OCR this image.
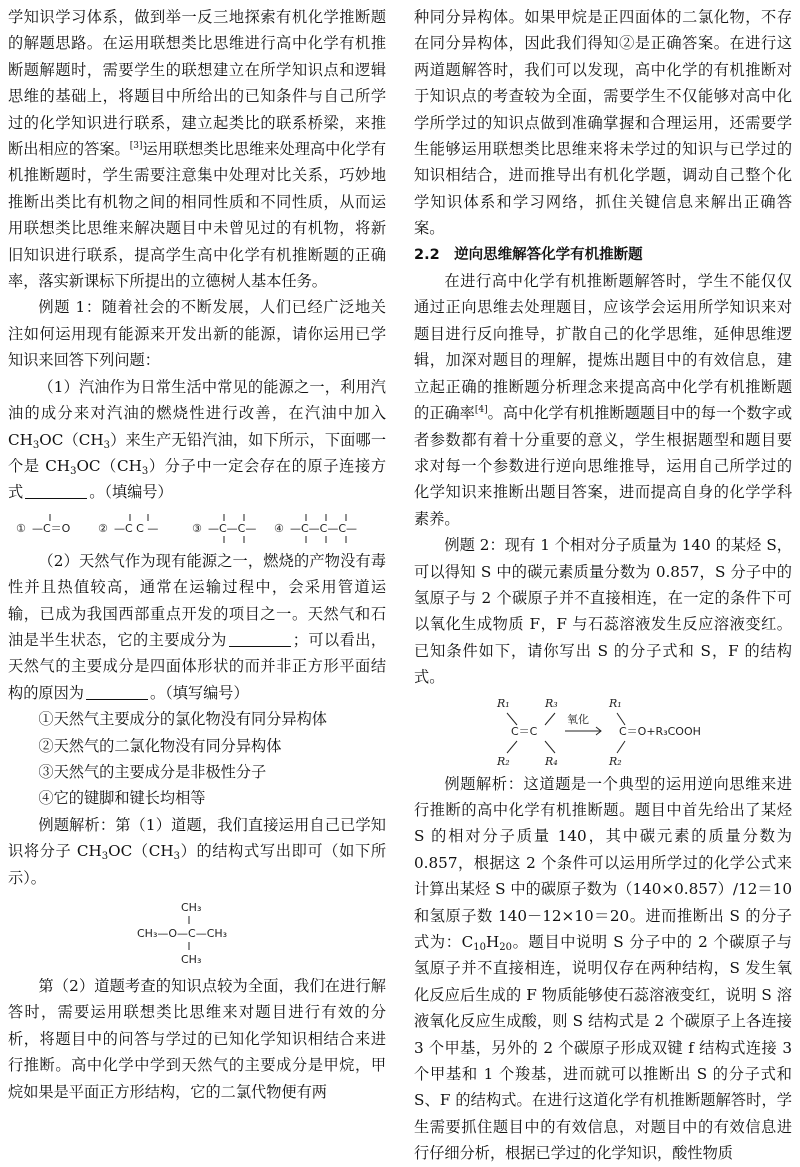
学知识学习体系，做到举一反三地探索有机化学推断题的解题思路。在运用联想类比思维进行高中化学有机推断题解题时，需要学生的联想建立在所学知识点和逻辑思维的基础上，将题目中所给出的已知条件与自己所学过的化学知识进行联系，建立起类比的联系桥梁，来推断出相应的答案。[3]运用联想类比思维来处理高中化学有机推断题时，学生需要注意集中处理对比关系，巧妙地推断出类比有机物之间的相同性质和不同性质，从而运用联想类比思维来解决题目中未曾见过的有机物，将新旧知识进行联系，提高学生高中化学有机推断题的正确率，落实新课标下所提出的立德树人基本任务。

例题 1：随着社会的不断发展，人们已经广泛地关注如何运用现有能源来开发出新的能源，请你运用已学知识来回答下列问题：

（1）汽油作为日常生活中常见的能源之一，利用汽油的成分来对汽油的燃烧性进行改善，在汽油中加入 $CH_3OC(CH_3)$来生产无铅汽油，如下所示，下面哪一个是 $CH_3OC(CH_3)$分子中一定会存在的原子连接方式	。（填编号）

① —C＝O	② —C C —	③ —C—C— ④ —C—C—C—

（2）天然气作为现有能源之一，燃烧的产物没有毒性并且热值较高，通常在运输过程中，会采用管道运输，已成为我国西部重点开发的项目之一。天然气和石油是半生状态，它的主要成分为	；可以看出，天然气的主要成分是四面体形状的而并非正方形平面结构的原因为	。（填写编号）

①天然气主要成分的氯化物没有同分异构体

②天然气的二氯化物没有同分异构体

③天然气的主要成分是非极性分子

④它的键脚和键长均相等

例题解析：第（1）道题，我们直接运用自己已学知识将分子 $CH_3OC(CH_3)$的结构式写出即可（如下所示）。

CH₃
CH₃—O—C—CH₃
CH₃

第（2）道题考查的知识点较为全面，我们在进行解答时，需要运用联想类比思维来对题目进行有效的分析，将题目中的问答与学过的已知化学知识相结合来进行推断。高中化学中学到天然气的主要成分是甲烷，甲烷如果是平面正方形结构，它的二氯代物便有两

种同分异构体。如果甲烷是正四面体的二氯化物，不存在同分异构体，因此我们得知②是正确答案。在进行这两道题解答时，我们可以发现，高中化学的有机推断对于知识点的考查较为全面，需要学生不仅能够对高中化学所学过的知识点做到准确掌握和合理运用，还需要学生能够运用联想类比思维来将未学过的知识与已学过的知识相结合，进而推导出有机化学题，调动自己整个化学知识体系和学习网络，抓住关键信息来解出正确答案。

2.2　逆向思维解答化学有机推断题

在进行高中化学有机推断题解答时，学生不能仅仅通过正向思维去处理题目，应该学会运用所学知识来对题目进行反向推导，扩散自己的化学思维，延伸思维逻辑，加深对题目的理解，提炼出题目中的有效信息，建立起正确的推断题分析理念来提高高中化学有机推断题的正确率[4]。高中化学有机推断题题目中的每一个数字或者参数都有着十分重要的意义，学生根据题型和题目要求对每一个参数进行逆向思维推导，运用自己所学过的化学知识来推断出题目答案，进而提高自身的化学学科素养。

例题 2：现有 1 个相对分子质量为 140 的某烃 S，可以得知 S 中的碳元素质量分数为 0.857，S 分子中的氢原子与 2 个碳原子并不直接相连，在一定的条件下可以氧化生成物质 F，F 与石蕊溶液发生反应溶液变红。已知条件如下，请你写出 S 的分子式和 S，F 的结构式。

R₁	R₃
C＝C
R₂	R₄
氧化
R₁
C＝O+R₃COOH
R₂

例题解析：这道题是一个典型的运用逆向思维来进行推断的高中化学有机推断题。题目中首先给出了某烃 S 的相对分子质量 140，其中碳元素的质量分数为 0.857，根据这 2 个条件可以运用所学过的化学公式来计算出某烃 S 中的碳原子数为（140×0.857）/12＝10 和氢原子数 140－12×10＝20。进而推断出 S 的分子式为：$C_{10}H_{20}$。题目中说明 S 分子中的 2 个碳原子与氢原子并不直接相连，说明仅存在两种结构，S 发生氧化反应后生成的 F 物质能够使石蕊溶液变红，说明 S 溶液氧化反应生成酸，则 S 结构式是 2 个碳原子上各连接 3 个甲基，另外的 2 个碳原子形成双键 f 结构式连接 3 个甲基和 1 个羧基，进而就可以推断出 S 的分子式和 S、F 的结构式。在进行这道化学有机推断题解答时，学生需要抓住题目中的有效信息，对题目中的有效信息进行仔细分析，根据已学过的化学知识，酸性物质
